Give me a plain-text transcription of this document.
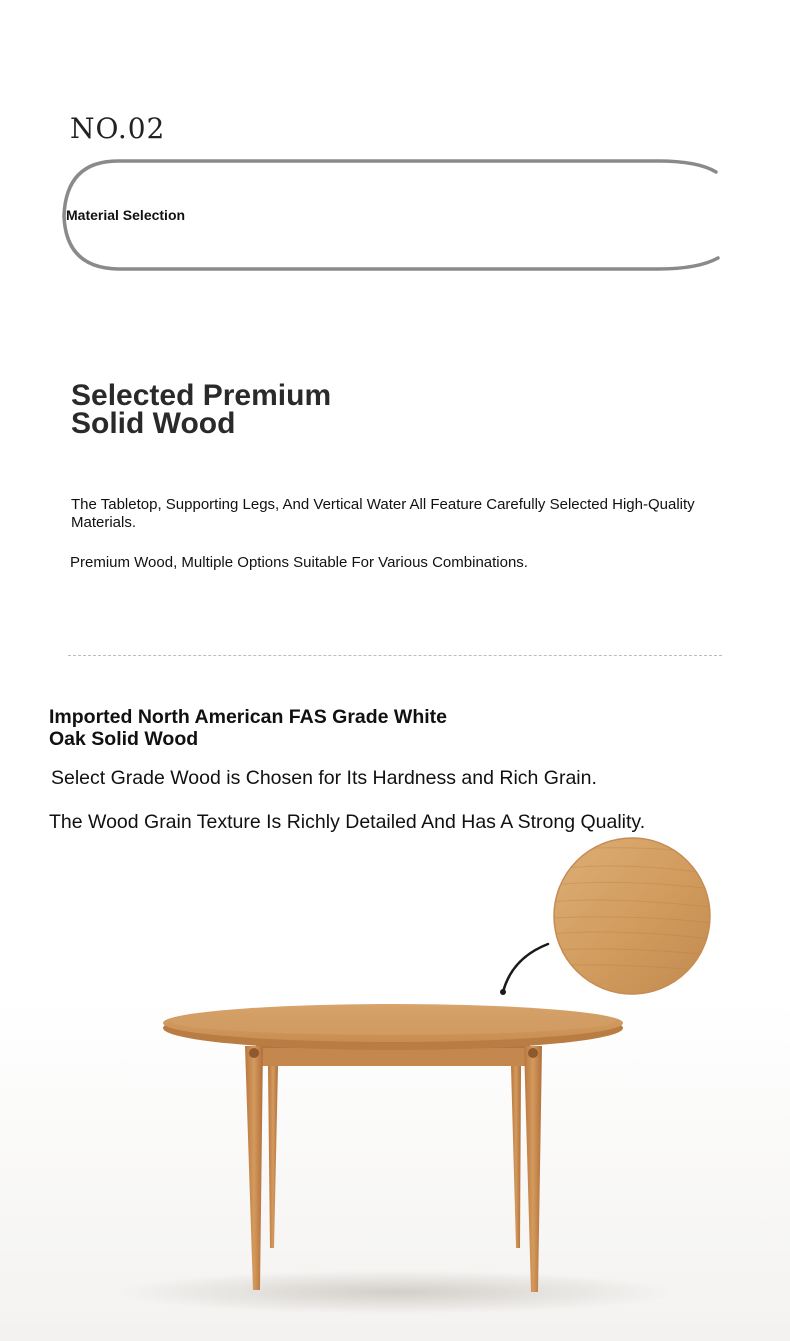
NO.02
Material Selection
Selected Premium
Solid Wood

The Tabletop, Supporting Legs, And Vertical Water All Feature Carefully Selected High-Quality Materials.

Premium Wood, Multiple Options Suitable For Various Combinations.

Imported North American FAS Grade White
Oak Solid Wood

Select Grade Wood is Chosen for Its Hardness and Rich Grain.

The Wood Grain Texture Is Richly Detailed And Has A Strong Quality.
